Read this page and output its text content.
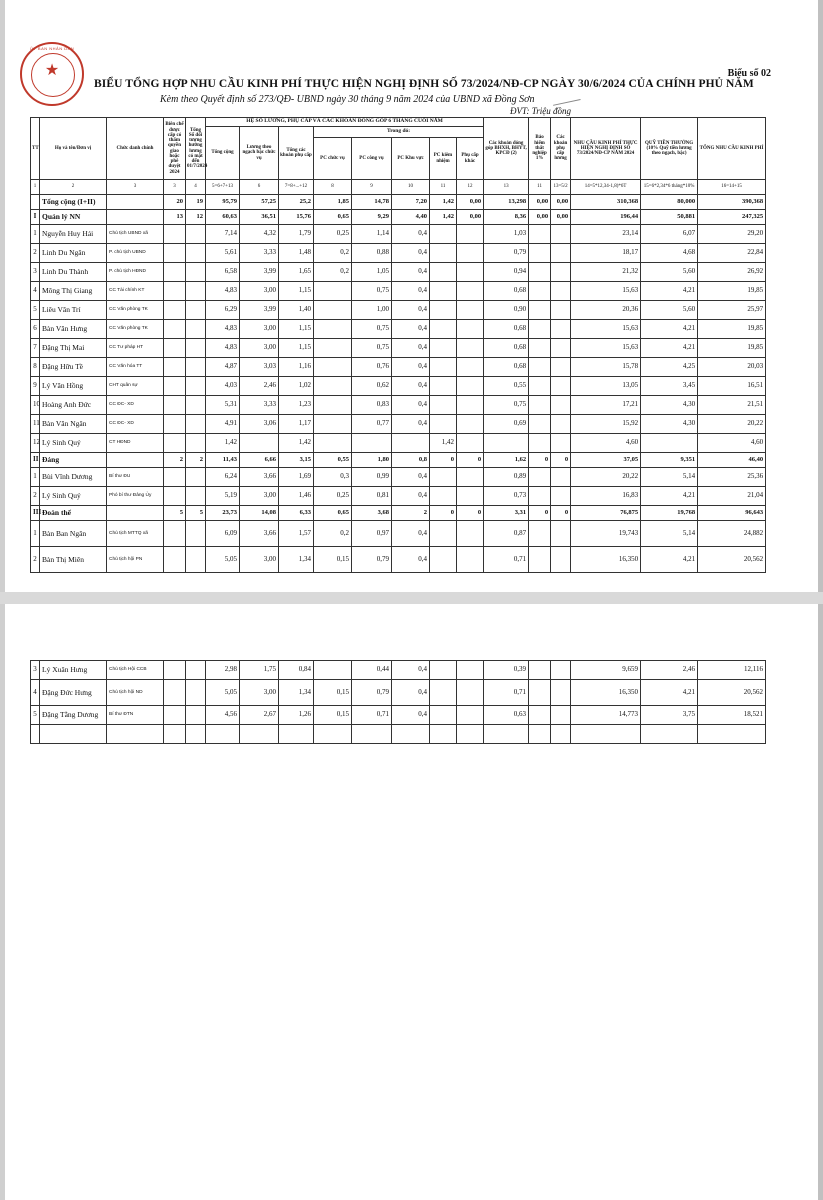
ỦY BAN NHÂN DÂN
★	Biểu số 02
BIỂU TỔNG HỢP NHU CẦU KINH PHÍ THỰC HIỆN NGHỊ ĐỊNH SỐ 73/2024/NĐ-CP NGÀY 30/6/2024 CỦA CHÍNH PHỦ NĂM
Kèm theo Quyết định số 273/QĐ- UBND ngày 30 tháng 9 năm 2024 của UBND xã Đồng Sơn
ĐVT: Triệu đồng
TT	Họ và tên/Đơn vị	Chức danh chính	Biên chế được cấp có thẩm quyền giao hoặc phê duyệt 2024	Tổng Số đối tượng hưởng lương có mặt đến 01/7/2024	HỆ SỐ LƯƠNG, PHỤ CẤP VÀ CÁC KHOẢN ĐÓNG GÓP 6 THÁNG CUỐI NĂM								Các khoản đóng góp BHXH, BHYT, KPCĐ (2)	Bảo hiểm thất nghiệp 1%	Các khoản phụ cấp lương	NHU CẦU KINH PHÍ THỰC HIỆN NGHỊ ĐỊNH SỐ 73/2024/NĐ-CP NĂM 2024	QUỸ TIỀN THƯỞNG (10% Quỹ tiền lương theo ngạch, bậc)	TỔNG NHU CẦU KINH PHÍ
					Tổng cộng	Lương theo ngạch bậc chức vụ	Tổng các khoản phụ cấp	Trong đó:										
								PC chức vụ	PC công vụ	PC Khu vực	PC kiêm nhiệm	Phụ cấp khác						
1	2	3	3	4	5=6+7+13	6	7=8+...+12	8	9	10	11	12	13	11	13=5/2	14=5*12,34-1,8)*6T	15=6*2,34*6 tháng*10%	16=14+15
	Tổng cộng (I+II)		20	19	95,79	57,25	25,2	1,85	14,78	7,20	1,42	0,00	13,298	0,00	0,00	310,368	80,000	390,368
I	Quản lý NN		13	12	60,63	36,51	15,76	0,65	9,29	4,40	1,42	0,00	8,36	0,00	0,00	196,44	50,881	247,325
1	Nguyễn Huy Hải	Chủ tịch UBND xã			7,14	4,32	1,79	0,25	1,14	0,4			1,03			23,14	6,07	29,20
2	Linh Du Ngân	P. chủ tịch UBND			5,61	3,33	1,48	0,2	0,88	0,4			0,79			18,17	4,68	22,84
3	Linh Du Thành	P. chủ tịch HĐND			6,58	3,99	1,65	0,2	1,05	0,4			0,94			21,32	5,60	26,92
4	Mông Thị Giang	CC Tài chính KT			4,83	3,00	1,15		0,75	0,4			0,68			15,63	4,21	19,85
5	Liêu Văn Trí	CC Văn phòng TK			6,29	3,99	1,40		1,00	0,4			0,90			20,36	5,60	25,97
6	Bàn Văn Hưng	CC Văn phòng TK			4,83	3,00	1,15		0,75	0,4			0,68			15,63	4,21	19,85
7	Đặng Thị Mai	CC Tư pháp HT			4,83	3,00	1,15		0,75	0,4			0,68			15,63	4,21	19,85
8	Đặng Hữu Tề	CC Văn hóa TT			4,87	3,03	1,16		0,76	0,4			0,68			15,78	4,25	20,03
9	Lý Văn Hồng	CHT quân sự			4,03	2,46	1,02		0,62	0,4			0,55			13,05	3,45	16,51
10	Hoàng Anh Đức	CC ĐC- XD			5,31	3,33	1,23		0,83	0,4			0,75			17,21	4,30	21,51
11	Bàn Văn Ngân	CC ĐC- XD			4,91	3,06	1,17		0,77	0,4			0,69			15,92	4,30	20,22
12	Lý Sinh Quý	CT HĐND			1,42		1,42				1,42					4,60		4,60
II	Đảng		2	2	11,43	6,66	3,15	0,55	1,80	0,8	0	0	1,62	0	0	37,05	9,351	46,40
1	Bùi Vĩnh Dương	Bí thư ĐU			6,24	3,66	1,69	0,3	0,99	0,4			0,89			20,22	5,14	25,36
2	Lý Sinh Quý	Phó bí thư Đảng Ủy			5,19	3,00	1,46	0,25	0,81	0,4			0,73			16,83	4,21	21,04
III	Đoàn thể		5	5	23,73	14,08	6,33	0,65	3,68	2	0	0	3,31	0	0	76,875	19,768	96,643
1	Bàn Ban Ngân	Chủ tịch MTTQ xã			6,09	3,66	1,57	0,2	0,97	0,4			0,87			19,743	5,14	24,882
2	Bàn Thị Miên	Chủ tịch hội PN			5,05	3,00	1,34	0,15	0,79	0,4			0,71			16,350	4,21	20,562
3	Lý Xuân Hưng	Chủ tịch Hội CCB			2,98	1,75	0,84		0,44	0,4			0,39			9,659	2,46	12,116
4	Đặng Đức Hưng	Chủ tịch hội ND			5,05	3,00	1,34	0,15	0,79	0,4			0,71			16,350	4,21	20,562
5	Đặng Tằng Dương	Bí thư ĐTN			4,56	2,67	1,26	0,15	0,71	0,4			0,63			14,773	3,75	18,521
